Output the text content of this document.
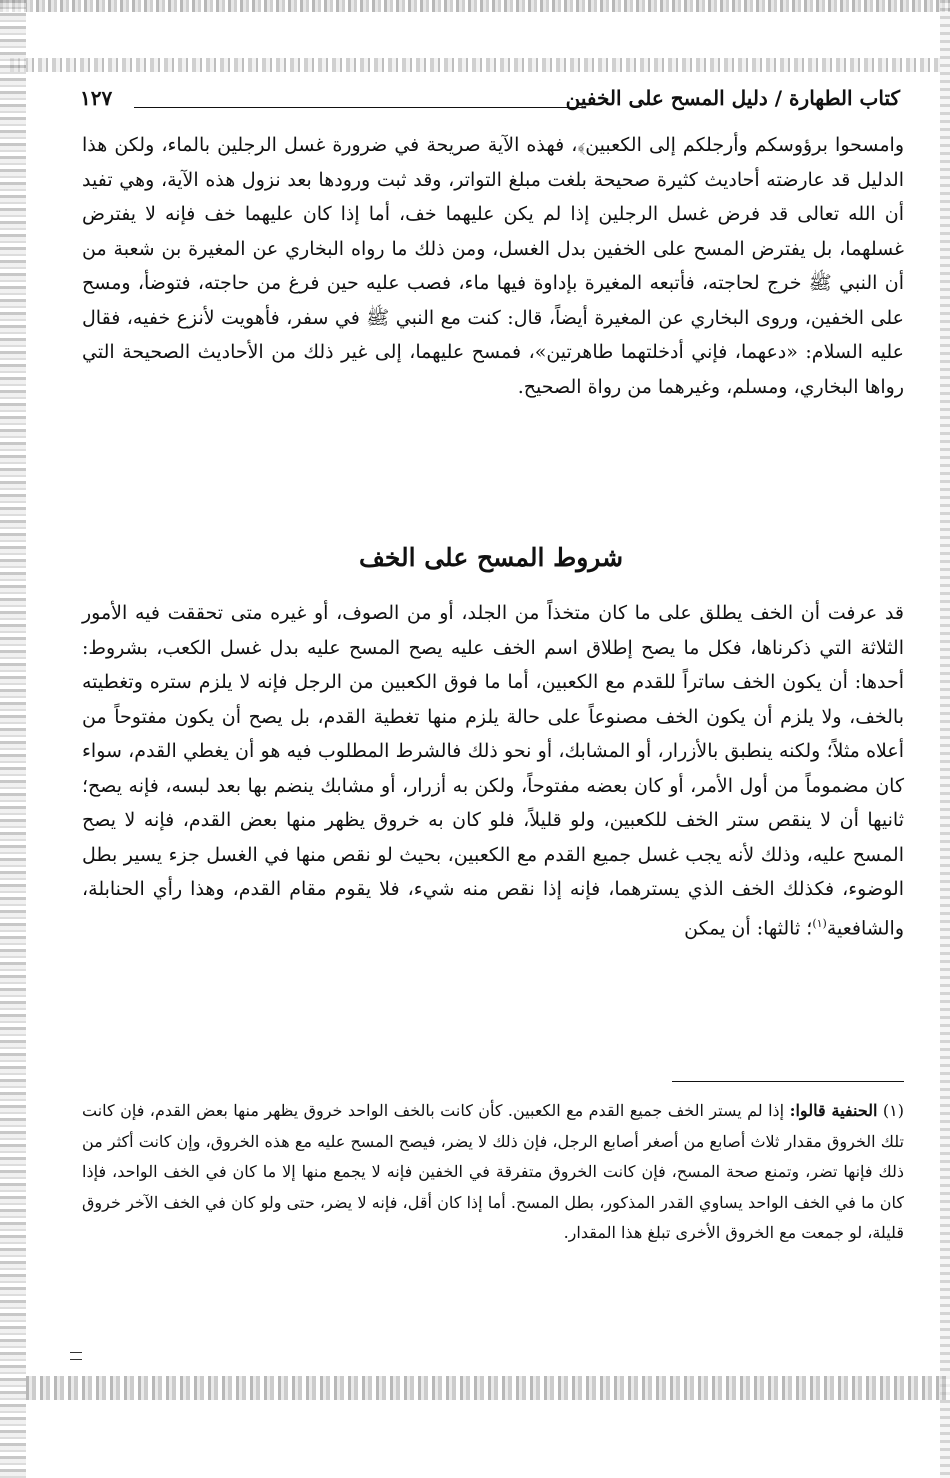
كتاب الطهارة / دليل المسح على الخفين
١٢٧

وامسحوا برؤوسكم وأرجلكم إلى الكعبين﴾، فهذه الآية صريحة في ضرورة غسل الرجلين بالماء، ولكن هذا الدليل قد عارضته أحاديث كثيرة صحيحة بلغت مبلغ التواتر، وقد ثبت ورودها بعد نزول هذه الآية، وهي تفيد أن الله تعالى قد فرض غسل الرجلين إذا لم يكن عليهما خف، أما إذا كان عليهما خف فإنه لا يفترض غسلهما، بل يفترض المسح على الخفين بدل الغسل، ومن ذلك ما رواه البخاري عن المغيرة بن شعبة من أن النبي ﷺ خرج لحاجته، فأتبعه المغيرة بإداوة فيها ماء، فصب عليه حين فرغ من حاجته، فتوضأ، ومسح على الخفين، وروى البخاري عن المغيرة أيضاً، قال: كنت مع النبي ﷺ في سفر، فأهويت لأنزع خفيه، فقال عليه السلام: «دعهما، فإني أدخلتهما طاهرتين»، فمسح عليهما، إلى غير ذلك من الأحاديث الصحيحة التي رواها البخاري، ومسلم، وغيرهما من رواة الصحيح.

شروط المسح على الخف

قد عرفت أن الخف يطلق على ما كان متخذاً من الجلد، أو من الصوف، أو غيره متى تحققت فيه الأمور الثلاثة التي ذكرناها، فكل ما يصح إطلاق اسم الخف عليه يصح المسح عليه بدل غسل الكعب، بشروط: أحدها: أن يكون الخف ساتراً للقدم مع الكعبين، أما ما فوق الكعبين من الرجل فإنه لا يلزم ستره وتغطيته بالخف، ولا يلزم أن يكون الخف مصنوعاً على حالة يلزم منها تغطية القدم، بل يصح أن يكون مفتوحاً من أعلاه مثلاً؛ ولكنه ينطبق بالأزرار، أو المشابك، أو نحو ذلك فالشرط المطلوب فيه هو أن يغطي القدم، سواء كان مضموماً من أول الأمر، أو كان بعضه مفتوحاً، ولكن به أزرار، أو مشابك ينضم بها بعد لبسه، فإنه يصح؛ ثانيها أن لا ينقص ستر الخف للكعبين، ولو قليلاً، فلو كان به خروق يظهر منها بعض القدم، فإنه لا يصح المسح عليه، وذلك لأنه يجب غسل جميع القدم مع الكعبين، بحيث لو نقص منها في الغسل جزء يسير بطل الوضوء، فكذلك الخف الذي يسترهما، فإنه إذا نقص منه شيء، فلا يقوم مقام القدم، وهذا رأي الحنابلة، والشافعية$^{(١)}$؛ ثالثها: أن يمكن

(١) الحنفية قالوا: إذا لم يستر الخف جميع القدم مع الكعبين. كأن كانت بالخف الواحد خروق يظهر منها بعض القدم، فإن كانت تلك الخروق مقدار ثلاث أصابع من أصغر أصابع الرجل، فإن ذلك لا يضر، فيصح المسح عليه مع هذه الخروق، وإن كانت أكثر من ذلك فإنها تضر، وتمنع صحة المسح، فإن كانت الخروق متفرقة في الخفين فإنه لا يجمع منها إلا ما كان في الخف الواحد، فإذا كان ما في الخف الواحد يساوي القدر المذكور، بطل المسح. أما إذا كان أقل، فإنه لا يضر، حتى ولو كان في الخف الآخر خروق قليلة، لو جمعت مع الخروق الأخرى تبلغ هذا المقدار.
